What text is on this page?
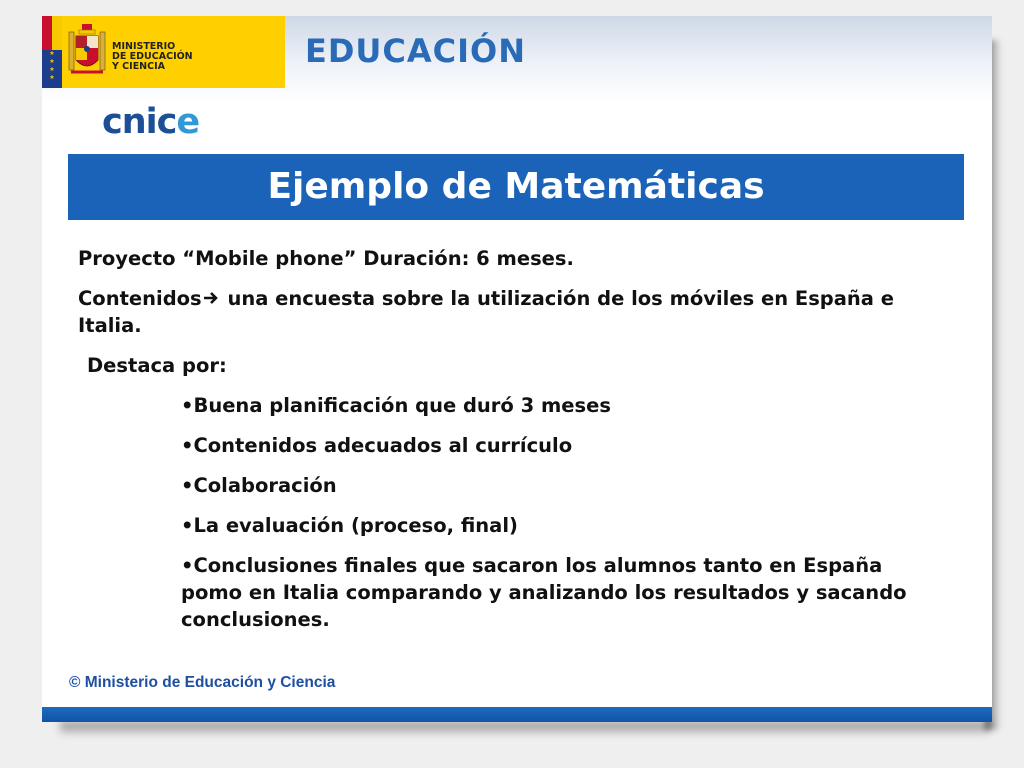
★
★
★
★
MINISTERIO
DE EDUCACIÓN
Y CIENCIA	EDUCACIÓN
cnice
Ejemplo de Matemáticas

Proyecto “Mobile phone” Duración: 6 meses.

Contenidos una encuesta sobre la utilización de los móviles en España e Italia.

Destaca por:

•Buena planificación que duró 3 meses

•Contenidos adecuados al currículo

•Colaboración

•La evaluación (proceso, final)

•Conclusiones finales que sacaron los alumnos tanto en España pomo en Italia comparando y analizando los resultados y sacando conclusiones.

© Ministerio de Educación y Ciencia
